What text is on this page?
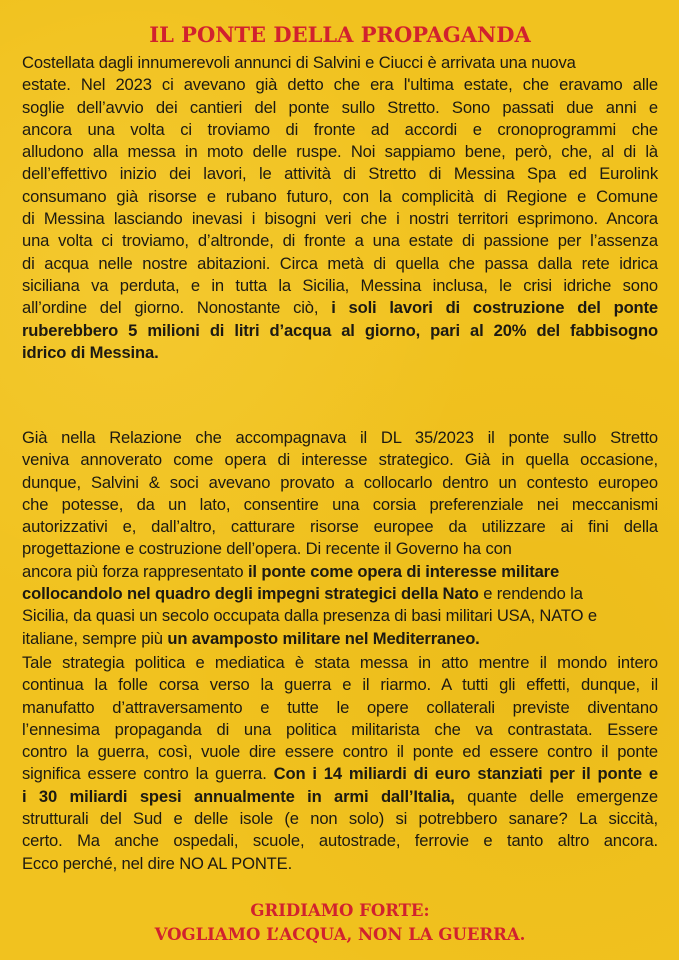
IL PONTE DELLA PROPAGANDA
Costellata dagli innumerevoli annunci di Salvini e Ciucci è arrivata una nuova
estate. Nel 2023 ci avevano già detto che era l'ultima estate, che eravamo alle
soglie dell’avvio dei cantieri del ponte sullo Stretto. Sono passati due anni e
ancora una volta ci troviamo di fronte ad accordi e cronoprogrammi che
alludono alla messa in moto delle ruspe. Noi sappiamo bene, però, che, al di là
dell’effettivo inizio dei lavori, le attività di Stretto di Messina Spa ed Eurolink
consumano già risorse e rubano futuro, con la complicità di Regione e Comune
di Messina lasciando inevasi i bisogni veri che i nostri territori esprimono. Ancora
una volta ci troviamo, d’altronde, di fronte a una estate di passione per l’assenza
di acqua nelle nostre abitazioni. Circa metà di quella che passa dalla rete idrica
siciliana va perduta, e in tutta la Sicilia, Messina inclusa, le crisi idriche sono
all’ordine del giorno. Nonostante ciò, i soli lavori di costruzione del ponte
ruberebbero 5 milioni di litri d’acqua al giorno, pari al 20% del fabbisogno
idrico di Messina.
Già nella Relazione che accompagnava il DL 35/2023 il ponte sullo Stretto
veniva annoverato come opera di interesse strategico. Già in quella occasione,
dunque, Salvini & soci avevano provato a collocarlo dentro un contesto europeo
che potesse, da un lato, consentire una corsia preferenziale nei meccanismi
autorizzativi e, dall’altro, catturare risorse europee da utilizzare ai fini della
progettazione e costruzione dell’opera. Di recente il Governo ha con
ancora più forza rappresentato il ponte come opera di interesse militare
collocandolo nel quadro degli impegni strategici della Nato e rendendo la
Sicilia, da quasi un secolo occupata dalla presenza di basi militari USA, NATO e
italiane, sempre più un avamposto militare nel Mediterraneo.
Tale strategia politica e mediatica è stata messa in atto mentre il mondo intero
continua la folle corsa verso la guerra e il riarmo. A tutti gli effetti, dunque, il
manufatto d’attraversamento e tutte le opere collaterali previste diventano
l’ennesima propaganda di una politica militarista che va contrastata. Essere
contro la guerra, così, vuole dire essere contro il ponte ed essere contro il ponte
significa essere contro la guerra. Con i 14 miliardi di euro stanziati per il ponte e
i 30 miliardi spesi annualmente in armi dall’Italia, quante delle emergenze
strutturali del Sud e delle isole (e non solo) si potrebbero sanare? La siccità,
certo. Ma anche ospedali, scuole, autostrade, ferrovie e tanto altro ancora.
Ecco perché, nel dire NO AL PONTE.
GRIDIAMO FORTE:
VOGLIAMO L’ACQUA, NON LA GUERRA.
